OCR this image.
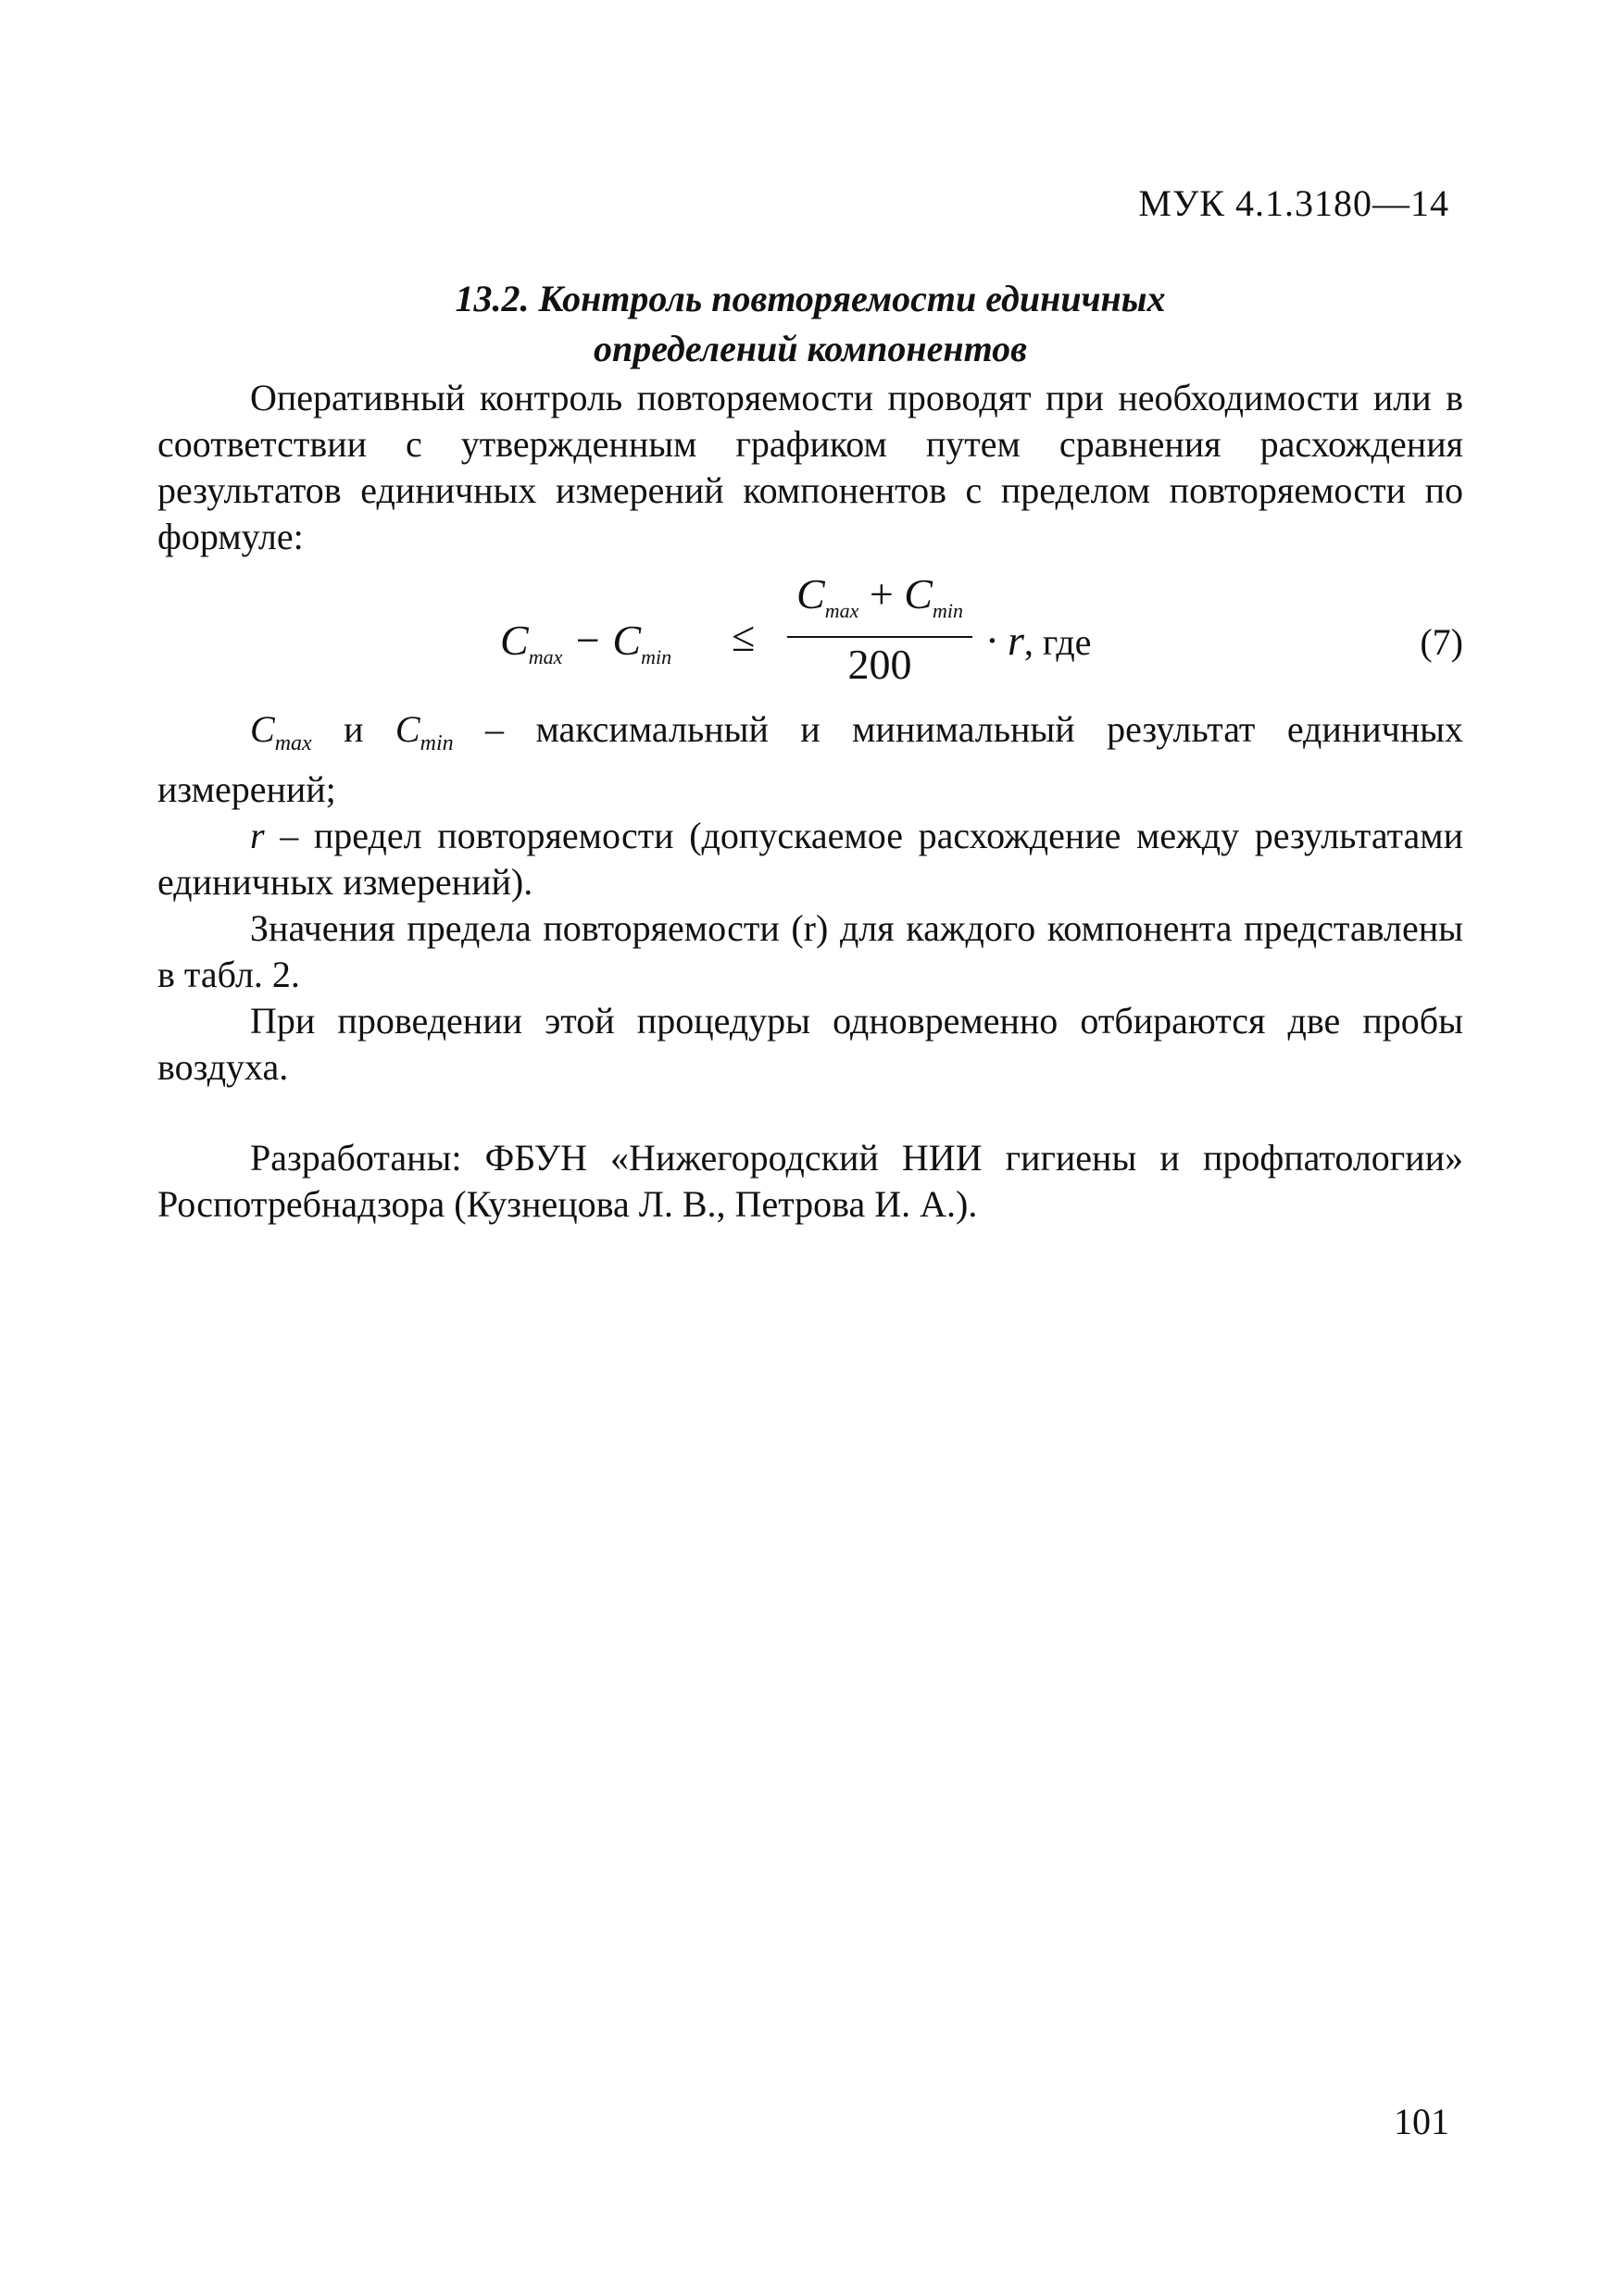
МУК 4.1.3180—14
13.2. Контроль повторяемости единичных
определений компонентов

Оперативный контроль повторяемости проводят при необходимости или в соответствии с утвержденным графиком путем сравнения расхождения результатов единичных измерений компонентов с пределом повторяемости по формуле:

$C_{max} - C_{min}$ ≤
$C_{max} + C_{min}$
200
· r, где	(7)

$C_{max}$ и $C_{min}$ – максимальный и минимальный результат единичных измерений;

r – предел повторяемости (допускаемое расхождение между результатами единичных измерений).

Значения предела повторяемости (r) для каждого компонента представлены в табл. 2.

При проведении этой процедуры одновременно отбираются две пробы воздуха.

Разработаны: ФБУН «Нижегородский НИИ гигиены и профпатологии» Роспотребнадзора (Кузнецова Л. В., Петрова И. А.).

101
